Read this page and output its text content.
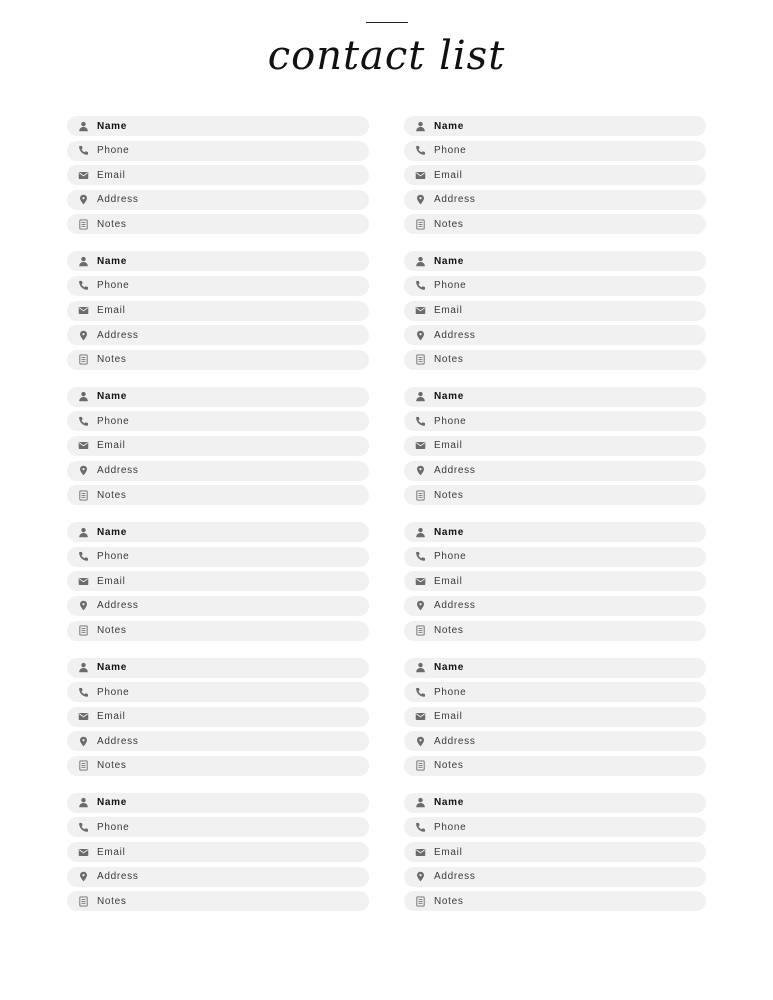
contact list
Name
Phone
Email
Address
Notes
Name
Phone
Email
Address
Notes
Name
Phone
Email
Address
Notes
Name
Phone
Email
Address
Notes
Name
Phone
Email
Address
Notes
Name
Phone
Email
Address
Notes
Name
Phone
Email
Address
Notes
Name
Phone
Email
Address
Notes
Name
Phone
Email
Address
Notes
Name
Phone
Email
Address
Notes
Name
Phone
Email
Address
Notes
Name
Phone
Email
Address
Notes
